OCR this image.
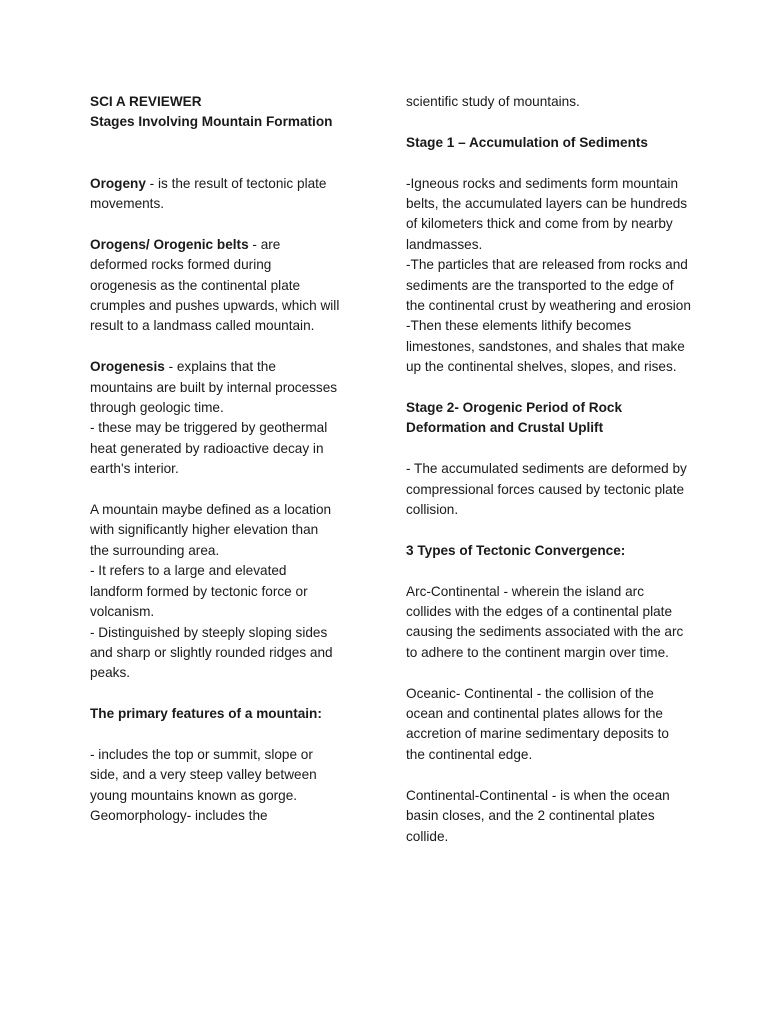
SCI A REVIEWER

Stages Involving Mountain Formation

Orogeny - is the result of tectonic plate movements.

Orogens/ Orogenic belts - are deformed rocks formed during orogenesis as the continental plate crumples and pushes upwards, which will result to a landmass called mountain.

Orogenesis - explains that the mountains are built by internal processes through geologic time.

- these may be triggered by geothermal heat generated by radioactive decay in earth's interior.

A mountain maybe defined as a location with significantly higher elevation than the surrounding area.

- It refers to a large and elevated landform formed by tectonic force or volcanism.

- Distinguished by steeply sloping sides and sharp or slightly rounded ridges and peaks.

The primary features of a mountain:

- includes the top or summit, slope or side, and a very steep valley between young mountains known as gorge.

Geomorphology- includes the

scientific study of mountains.

Stage 1 – Accumulation of Sediments

-Igneous rocks and sediments form mountain belts, the accumulated layers can be hundreds of kilometers thick and come from by nearby landmasses.

-The particles that are released from rocks and sediments are the transported to the edge of the continental crust by weathering and erosion

-Then these elements lithify becomes limestones, sandstones, and shales that make up the continental shelves, slopes, and rises.

Stage 2- Orogenic Period of Rock Deformation and Crustal Uplift

- The accumulated sediments are deformed by compressional forces caused by tectonic plate collision.

3 Types of Tectonic Convergence:

Arc-Continental - wherein the island arc collides with the edges of a continental plate causing the sediments associated with the arc to adhere to the continent margin over time.

Oceanic- Continental - the collision of the ocean and continental plates allows for the accretion of marine sedimentary deposits to the continental edge.

Continental-Continental - is when the ocean basin closes, and the 2 continental plates collide.
